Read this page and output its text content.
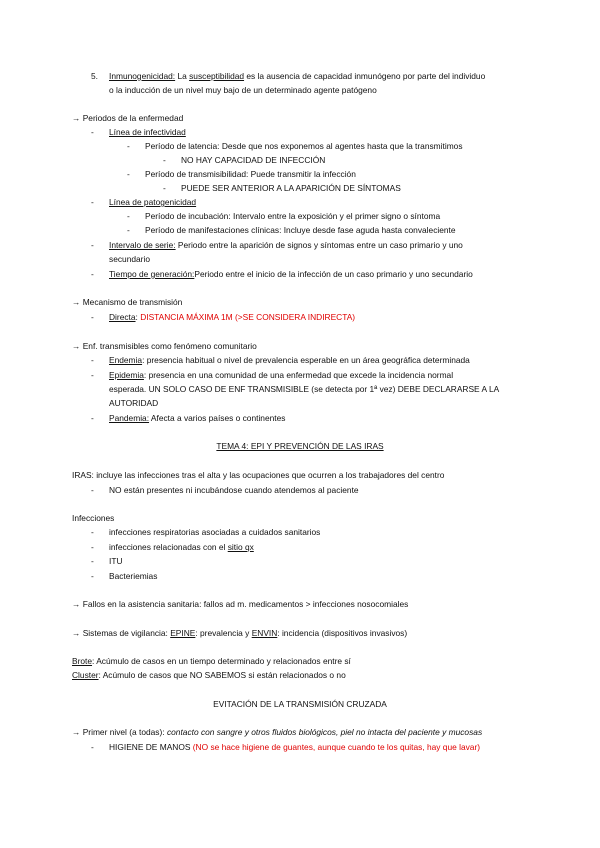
5. Inmunogenicidad: La susceptibilidad es la ausencia de capacidad inmunógeno por parte del individuo
o la inducción de un nivel muy bajo de un determinado agente patógeno
→ Periodos de la enfermedad
- Línea de infectividad
- Período de latencia: Desde que nos exponemos al agentes hasta que la transmitimos
- NO HAY CAPACIDAD DE INFECCIÓN
- Período de transmisibilidad: Puede transmitir la infección
- PUEDE SER ANTERIOR A LA APARICIÓN DE SÍNTOMAS
- Línea de patogenicidad
- Período de incubación: Intervalo entre la exposición y el primer signo o síntoma
- Período de manifestaciones clínicas: Incluye desde fase aguda hasta convaleciente
- Intervalo de serie: Periodo entre la aparición de signos y síntomas entre un caso primario y uno
secundario
- Tiempo de generación:Periodo entre el inicio de la infección de un caso primario y uno secundario
→ Mecanismo de transmisión
- Directa: DISTANCIA MÁXIMA 1M (>SE CONSIDERA INDIRECTA)
→ Enf. transmisibles como fenómeno comunitario
- Endemia: presencia habitual o nivel de prevalencia esperable en un área geográfica determinada
- Epidemia: presencia en una comunidad de una enfermedad que excede la incidencia normal
esperada. UN SOLO CASO DE ENF TRANSMISIBLE (se detecta por 1ª vez) DEBE DECLARARSE A LA
AUTORIDAD
- Pandemia: Afecta a varios países o continentes
TEMA 4: EPI Y PREVENCIÓN DE LAS IRAS
IRAS: incluye las infecciones tras el alta y las ocupaciones que ocurren a los trabajadores del centro
- NO están presentes ni incubándose cuando atendemos al paciente
Infecciones
- infecciones respiratorias asociadas a cuidados sanitarios
- infecciones relacionadas con el sitio qx
- ITU
- Bacteriemias
→ Fallos en la asistencia sanitaria: fallos ad m. medicamentos > infecciones nosocomiales
→ Sistemas de vigilancia: EPINE: prevalencia y ENVIN: incidencia (dispositivos invasivos)
Brote: Acúmulo de casos en un tiempo determinado y relacionados entre sí
Cluster: Acúmulo de casos que NO SABEMOS si están relacionados o no
EVITACIÓN DE LA TRANSMISIÓN CRUZADA
→ Primer nivel (a todas): contacto con sangre y otros fluidos biológicos, piel no intacta del paciente y mucosas
- HIGIENE DE MANOS (NO se hace higiene de guantes, aunque cuando te los quitas, hay que lavar)
